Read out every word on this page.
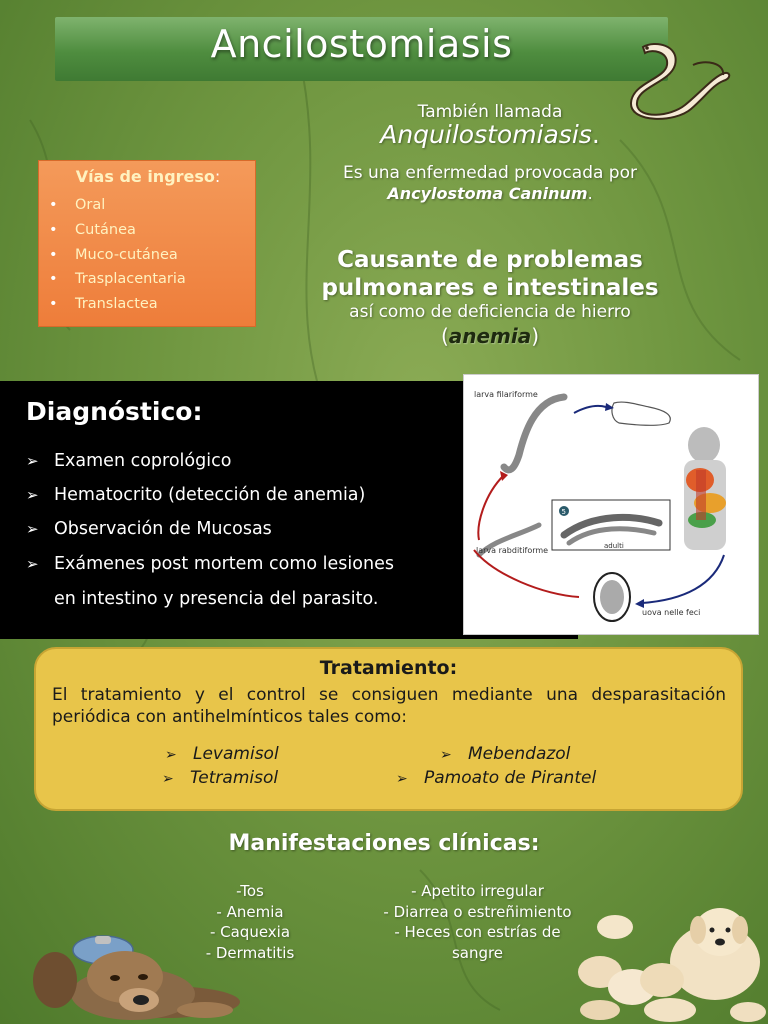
Ancilostomiasis
También llamada
Anquilostomiasis.
Es una enfermedad provocada por
Ancylostoma Caninum.
Causante de problemas
pulmonares e intestinales
así como de deficiencia de hierro
(anemia)
Vías de ingreso:
• Oral
• Cutánea
• Muco-cutánea
• Trasplacentaria
• Translactea
Diagnóstico:
➢ Examen coprológico
➢ Hematocrito (detección de anemia)
➢ Observación de Mucosas
➢ Exámenes post mortem como lesiones
en intestino y presencia del parasito.
larva filariforme
5
adulti
larva rabditiforme
uova nelle feci
Tratamiento:
El tratamiento y el control se consiguen mediante una desparasitación periódica con antihelmínticos tales como:
➢ Levamisol	➢ Mebendazol
➢ Tetramisol	➢ Pamoato de Pirantel
Manifestaciones clínicas:
-Tos
- Anemia
- Caquexia
- Dermatitis
- Apetito irregular
- Diarrea o estreñimiento
- Heces con estrías de
sangre
